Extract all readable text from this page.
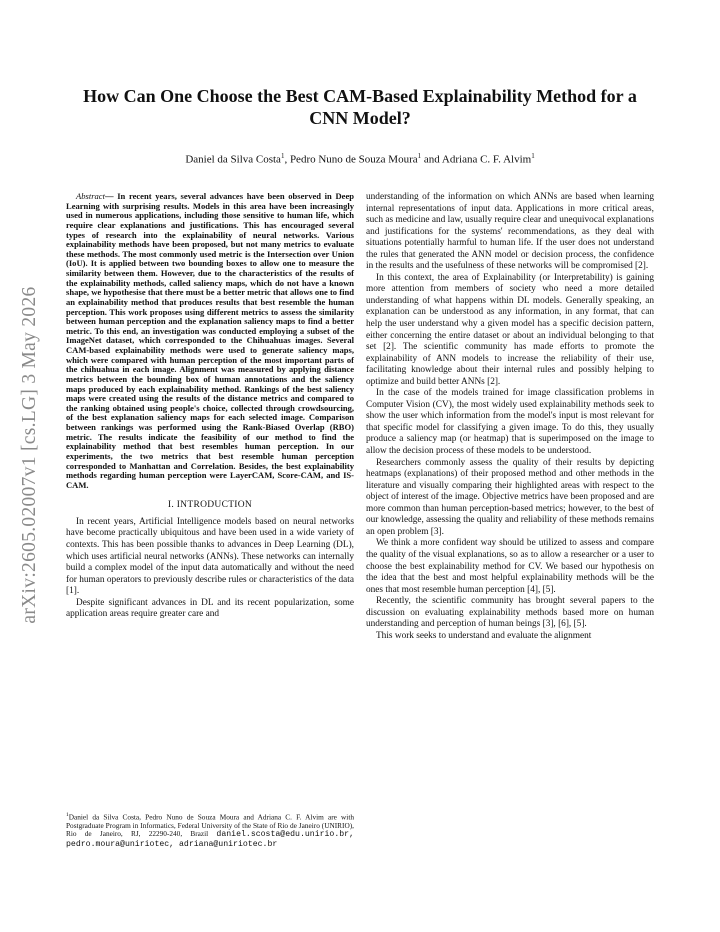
arXiv:2605.02007v1 [cs.LG] 3 May 2026
How Can One Choose the Best CAM-Based Explainability Method for a CNN Model?
Daniel da Silva Costa$^1$, Pedro Nuno de Souza Moura$^1$ and Adriana C. F. Alvim$^1$

Abstract— In recent years, several advances have been observed in Deep Learning with surprising results. Models in this area have been increasingly used in numerous applications, including those sensitive to human life, which require clear explanations and justifications. This has encouraged several types of research into the explainability of neural networks. Various explainability methods have been proposed, but not many metrics to evaluate these methods. The most commonly used metric is the Intersection over Union (IoU). It is applied between two bounding boxes to allow one to measure the similarity between them. However, due to the characteristics of the results of the explainability methods, called saliency maps, which do not have a known shape, we hypothesise that there must be a better metric that allows one to find an explainability method that produces results that best resemble the human perception. This work proposes using different metrics to assess the similarity between human perception and the explanation saliency maps to find a better metric. To this end, an investigation was conducted employing a subset of the ImageNet dataset, which corresponded to the Chihuahuas images. Several CAM-based explainability methods were used to generate saliency maps, which were compared with human perception of the most important parts of the chihuahua in each image. Alignment was measured by applying distance metrics between the bounding box of human annotations and the saliency maps produced by each explainability method. Rankings of the best saliency maps were created using the results of the distance metrics and compared to the ranking obtained using people's choice, collected through crowdsourcing, of the best explanation saliency maps for each selected image. Comparison between rankings was performed using the Rank-Biased Overlap (RBO) metric. The results indicate the feasibility of our method to find the explainability method that best resembles human perception. In our experiments, the two metrics that best resemble human perception corresponded to Manhattan and Correlation. Besides, the best explainability methods regarding human perception were LayerCAM, Score-CAM, and IS-CAM.

I. INTRODUCTION

In recent years, Artificial Intelligence models based on neural networks have become practically ubiquitous and have been used in a wide variety of contexts. This has been possible thanks to advances in Deep Learning (DL), which uses artificial neural networks (ANNs). These networks can internally build a complex model of the input data automatically and without the need for human operators to previously describe rules or characteristics of the data [1].

Despite significant advances in DL and its recent popularization, some application areas require greater care and

$^1$Daniel da Silva Costa, Pedro Nuno de Souza Moura and Adriana C. F. Alvim are with Postgraduate Program in Informatics, Federal University of the State of Rio de Janeiro (UNIRIO), Rio de Janeiro, RJ, 22290-240, Brazil daniel.scosta@edu.unirio.br, pedro.moura@uniriotec, adriana@uniriotec.br

understanding of the information on which ANNs are based when learning internal representations of input data. Applications in more critical areas, such as medicine and law, usually require clear and unequivocal explanations and justifications for the systems' recommendations, as they deal with situations potentially harmful to human life. If the user does not understand the rules that generated the ANN model or decision process, the confidence in the results and the usefulness of these networks will be compromised [2].

In this context, the area of Explainability (or Interpretability) is gaining more attention from members of society who need a more detailed understanding of what happens within DL models. Generally speaking, an explanation can be understood as any information, in any format, that can help the user understand why a given model has a specific decision pattern, either concerning the entire dataset or about an individual belonging to that set [2]. The scientific community has made efforts to promote the explainability of ANN models to increase the reliability of their use, facilitating knowledge about their internal rules and possibly helping to optimize and build better ANNs [2].

In the case of the models trained for image classification problems in Computer Vision (CV), the most widely used explainability methods seek to show the user which information from the model's input is most relevant for that specific model for classifying a given image. To do this, they usually produce a saliency map (or heatmap) that is superimposed on the image to allow the decision process of these models to be understood.

Researchers commonly assess the quality of their results by depicting heatmaps (explanations) of their proposed method and other methods in the literature and visually comparing their highlighted areas with respect to the object of interest of the image. Objective metrics have been proposed and are more common than human perception-based metrics; however, to the best of our knowledge, assessing the quality and reliability of these methods remains an open problem [3].

We think a more confident way should be utilized to assess and compare the quality of the visual explanations, so as to allow a researcher or a user to choose the best explainability method for CV. We based our hypothesis on the idea that the best and most helpful explainability methods will be the ones that most resemble human perception [4], [5].

Recently, the scientific community has brought several papers to the discussion on evaluating explainability methods based more on human understanding and perception of human beings [3], [6], [5].

This work seeks to understand and evaluate the alignment
